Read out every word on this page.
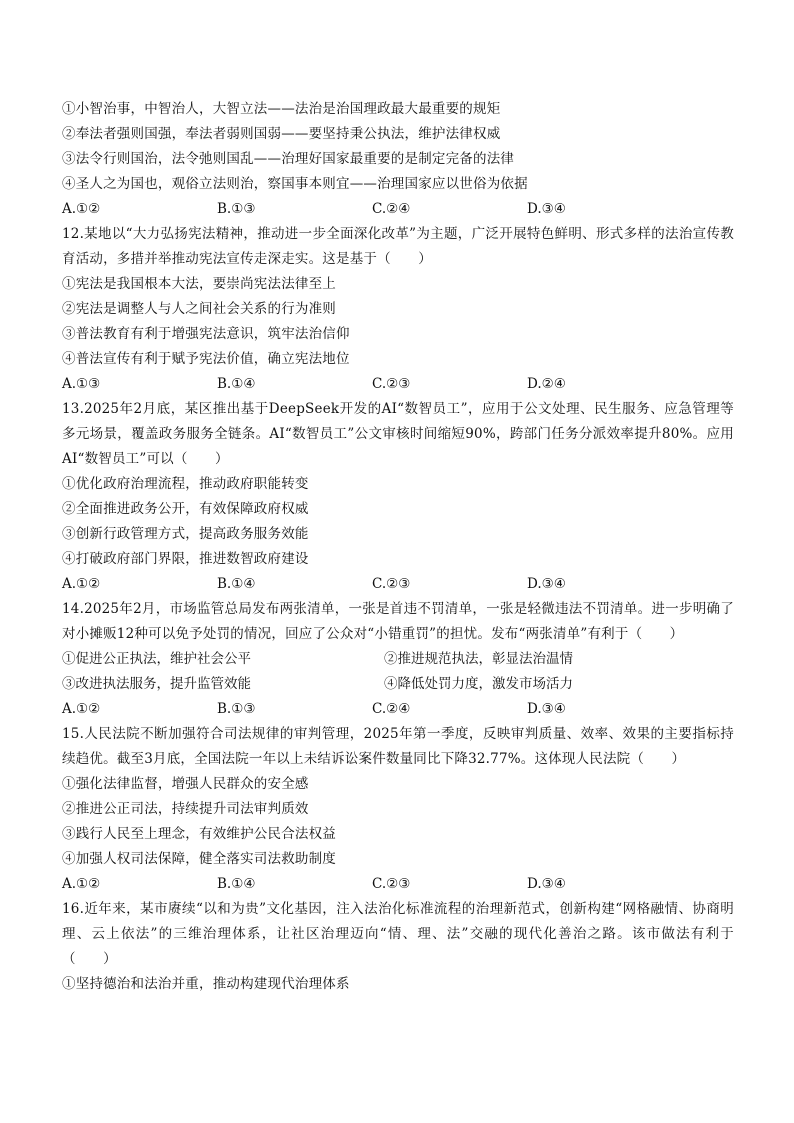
①小智治事，中智治人，大智立法——法治是治国理政最大最重要的规矩
②奉法者强则国强，奉法者弱则国弱——要坚持秉公执法，维护法律权威
③法令行则国治，法令弛则国乱——治理好国家最重要的是制定完备的法律
④圣人之为国也，观俗立法则治，察国事本则宜——治理国家应以世俗为依据
A.①②	B.①③	C.②④	D.③④
12.某地以“大力弘扬宪法精神，推动进一步全面深化改革”为主题，广泛开展特色鲜明、形式多样的法治宣传教育活动，多措并举推动宪法宣传走深走实。这是基于（　　）
①宪法是我国根本大法，要崇尚宪法法律至上
②宪法是调整人与人之间社会关系的行为准则
③普法教育有利于增强宪法意识，筑牢法治信仰
④普法宣传有利于赋予宪法价值，确立宪法地位
A.①③	B.①④	C.②③	D.②④
13.2025年2月底，某区推出基于DeepSeek开发的AI“数智员工”，应用于公文处理、民生服务、应急管理等多元场景，覆盖政务服务全链条。AI“数智员工”公文审核时间缩短90%，跨部门任务分派效率提升80%。应用AI“数智员工”可以（　　）
①优化政府治理流程，推动政府职能转变
②全面推进政务公开，有效保障政府权威
③创新行政管理方式，提高政务服务效能
④打破政府部门界限，推进数智政府建设
A.①②	B.①④	C.②③	D.③④
14.2025年2月，市场监管总局发布两张清单，一张是首违不罚清单，一张是轻微违法不罚清单。进一步明确了对小摊贩12种可以免予处罚的情况，回应了公众对“小错重罚”的担忧。发布“两张清单”有利于（　　）
①促进公正执法，维护社会公平	②推进规范执法，彰显法治温情
③改进执法服务，提升监管效能	④降低处罚力度，激发市场活力
A.①②	B.①③	C.②④	D.③④
15.人民法院不断加强符合司法规律的审判管理，2025年第一季度，反映审判质量、效率、效果的主要指标持续趋优。截至3月底，全国法院一年以上未结诉讼案件数量同比下降32.77%。这体现人民法院（　　）
①强化法律监督，增强人民群众的安全感
②推进公正司法，持续提升司法审判质效
③践行人民至上理念，有效维护公民合法权益
④加强人权司法保障，健全落实司法救助制度
A.①②	B.①④	C.②③	D.③④
16.近年来，某市赓续“以和为贵”文化基因，注入法治化标准流程的治理新范式，创新构建“网格融情、协商明理、云上依法”的三维治理体系，让社区治理迈向“情、理、法”交融的现代化善治之路。该市做法有利于（　　）
①坚持德治和法治并重，推动构建现代治理体系
